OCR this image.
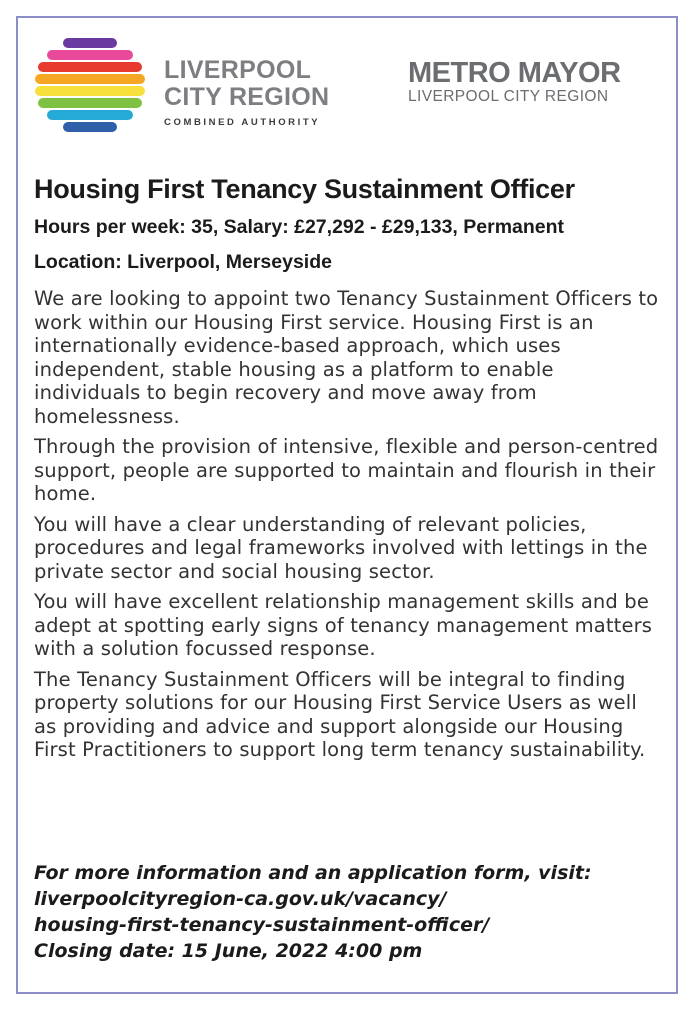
LIVERPOOL
CITY REGION
COMBINED AUTHORITY
METRO MAYOR
LIVERPOOL CITY REGION
Housing First Tenancy Sustainment Officer
Hours per week: 35, Salary: £27,292 - £29,133, Permanent
Location: Liverpool, Merseyside

We are looking to appoint two Tenancy Sustainment Officers to work within our Housing First service. Housing First is an internationally evidence-based approach, which uses independent, stable housing as a platform to enable individuals to begin recovery and move away from homelessness.

Through the provision of intensive, flexible and person-centred support, people are supported to maintain and flourish in their home.

You will have a clear understanding of relevant policies, procedures and legal frameworks involved with lettings in the private sector and social housing sector.

You will have excellent relationship management skills and be adept at spotting early signs of tenancy management matters with a solution focussed response.

The Tenancy Sustainment Officers will be integral to finding property solutions for our Housing First Service Users as well as providing and advice and support alongside our Housing First Practitioners to support long term tenancy sustainability.

For more information and an application form, visit:
liverpoolcityregion-ca.gov.uk/vacancy/
housing-first-tenancy-sustainment-officer/
Closing date: 15 June, 2022 4:00 pm
